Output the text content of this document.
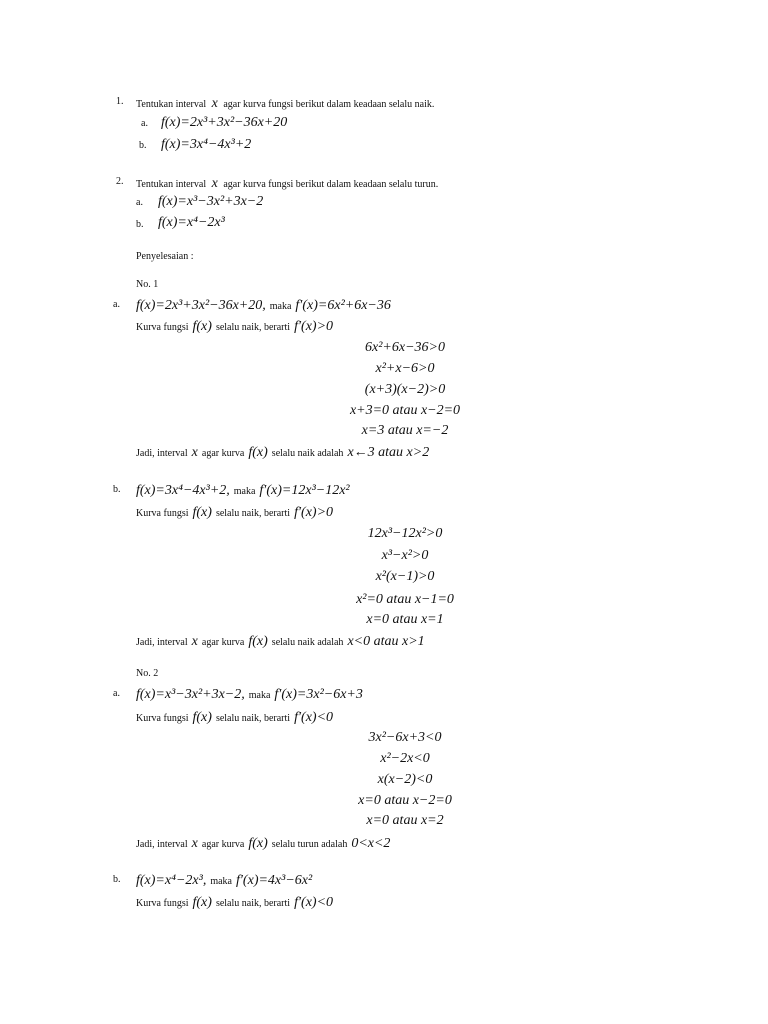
1. Tentukan interval x agar kurva fungsi berikut dalam keadaan selalu naik.
a. f(x)=2x³+3x²−36x+20
b. f(x)=3x⁴−4x³+2
2. Tentukan interval x agar kurva fungsi berikut dalam keadaan selalu turun.
a. f(x)=x³−3x²+3x−2
b. f(x)=x⁴−2x³
Penyelesaian :
No. 1
a. f(x)=2x³+3x²−36x+20, maka f′(x)=6x²+6x−36
Kurva fungsi f(x) selalu naik, berarti f′(x)>0
6x²+6x−36>0
x²+x−6>0
(x+3)(x−2)>0
x+3=0 atau x−2=0
x=3 atau x=−2
Jadi, interval x agar kurva f(x) selalu naik adalah x←3 atau x>2
b. f(x)=3x⁴−4x³+2, maka f′(x)=12x³−12x²
Kurva fungsi f(x) selalu naik, berarti f′(x)>0
12x³−12x²>0
x³−x²>0
x²(x−1)>0
x²=0 atau x−1=0
x=0 atau x=1
Jadi, interval x agar kurva f(x) selalu naik adalah x<0 atau x>1
No. 2
a. f(x)=x³−3x²+3x−2, maka f′(x)=3x²−6x+3
Kurva fungsi f(x) selalu naik, berarti f′(x)<0
3x²−6x+3<0
x²−2x<0
x(x−2)<0
x=0 atau x−2=0
x=0 atau x=2
Jadi, interval x agar kurva f(x) selalu turun adalah 0<x<2
b. f(x)=x⁴−2x³, maka f′(x)=4x³−6x²
Kurva fungsi f(x) selalu naik, berarti f′(x)<0
